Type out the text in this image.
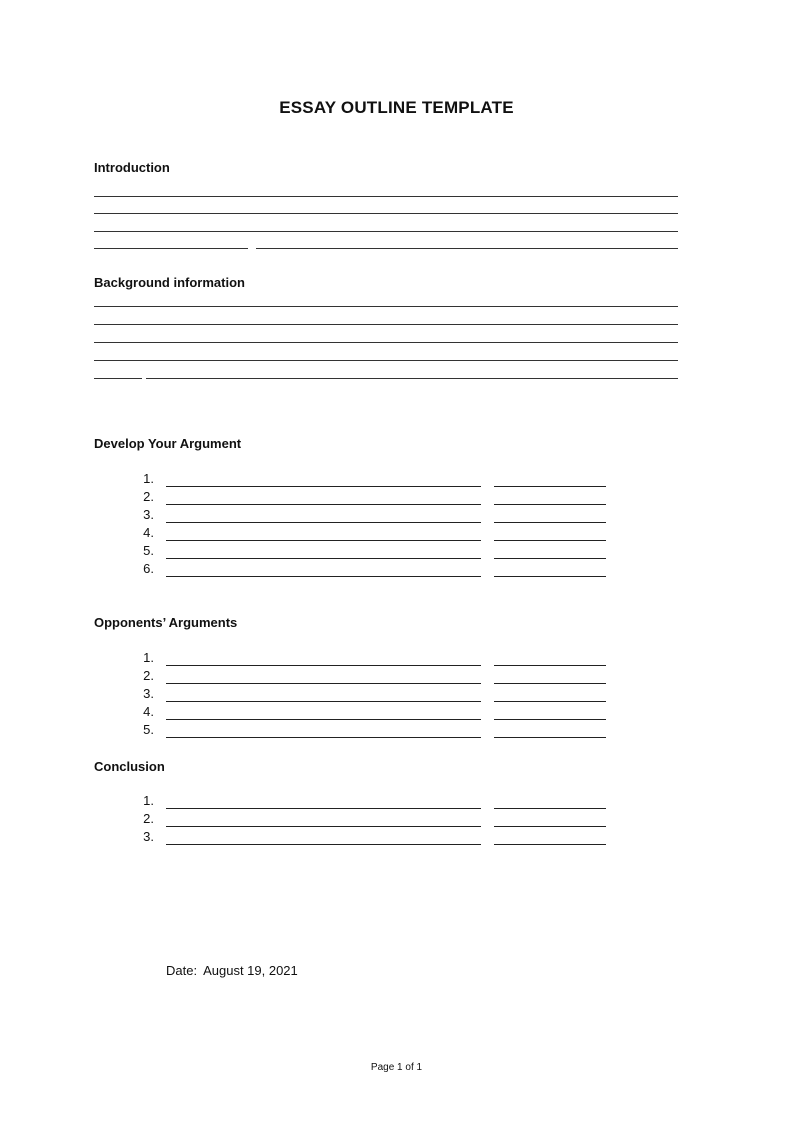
ESSAY OUTLINE TEMPLATE
Introduction
Background information
Develop Your Argument
1.
2.
3.
4.
5.
6.
Opponents’ Arguments
1.
2.
3.
4.
5.
Conclusion
1.
2.
3.
Date: August 19, 2021
Page 1 of 1
